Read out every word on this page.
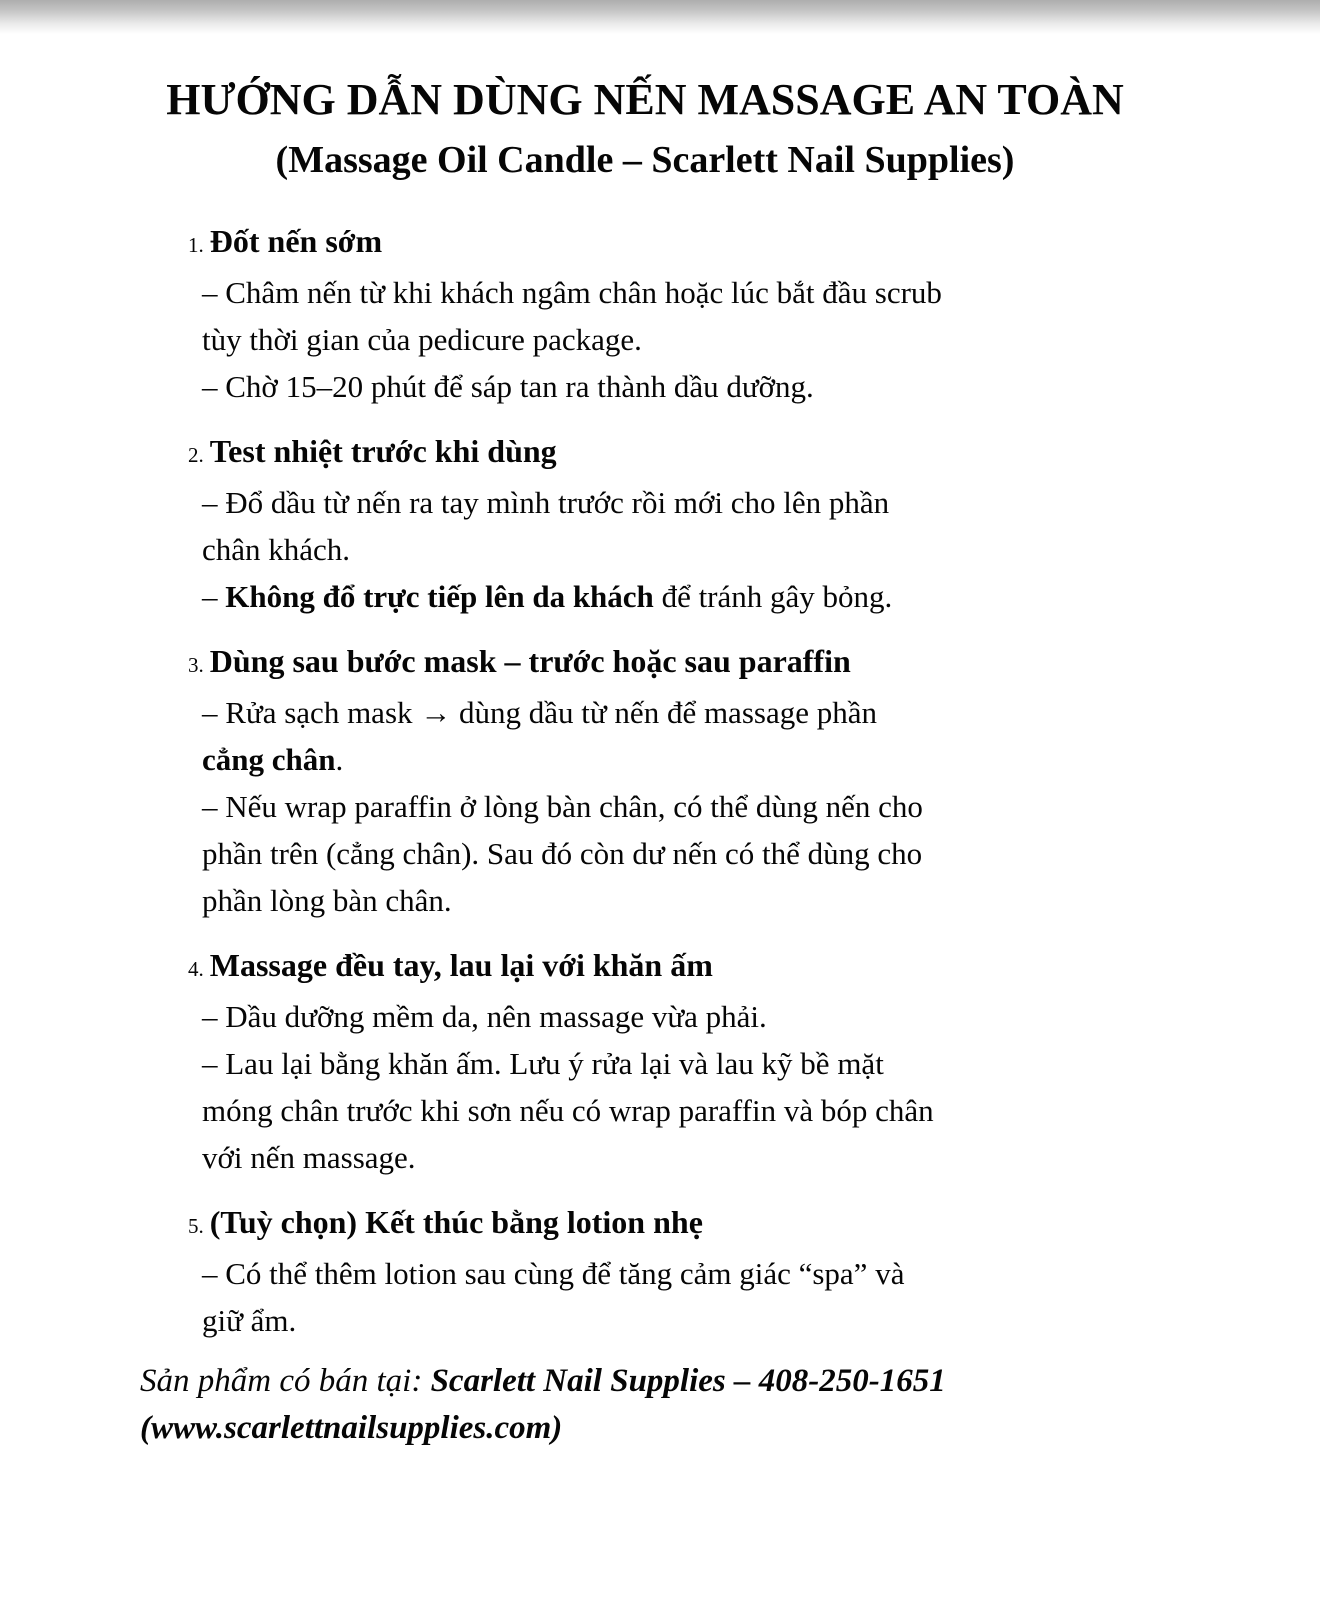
HƯỚNG DẪN DÙNG NẾN MASSAGE AN TOÀN
(Massage Oil Candle – Scarlett Nail Supplies)
1. Đốt nến sớm
– Châm nến từ khi khách ngâm chân hoặc lúc bắt đầu scrub
tùy thời gian của pedicure package.
– Chờ 15–20 phút để sáp tan ra thành dầu dưỡng.
2. Test nhiệt trước khi dùng
– Đổ dầu từ nến ra tay mình trước rồi mới cho lên phần
chân khách.
– Không đổ trực tiếp lên da khách để tránh gây bỏng.
3. Dùng sau bước mask – trước hoặc sau paraffin
– Rửa sạch mask → dùng dầu từ nến để massage phần
cẳng chân.
– Nếu wrap paraffin ở lòng bàn chân, có thể dùng nến cho
phần trên (cẳng chân). Sau đó còn dư nến có thể dùng cho
phần lòng bàn chân.
4. Massage đều tay, lau lại với khăn ấm
– Dầu dưỡng mềm da, nên massage vừa phải.
– Lau lại bằng khăn ấm. Lưu ý rửa lại và lau kỹ bề mặt
móng chân trước khi sơn nếu có wrap paraffin và bóp chân
với nến massage.
5. (Tuỳ chọn) Kết thúc bằng lotion nhẹ
– Có thể thêm lotion sau cùng để tăng cảm giác “spa” và
giữ ẩm.
Sản phẩm có bán tại: Scarlett Nail Supplies – 408-250-1651
(www.scarlettnailsupplies.com)
